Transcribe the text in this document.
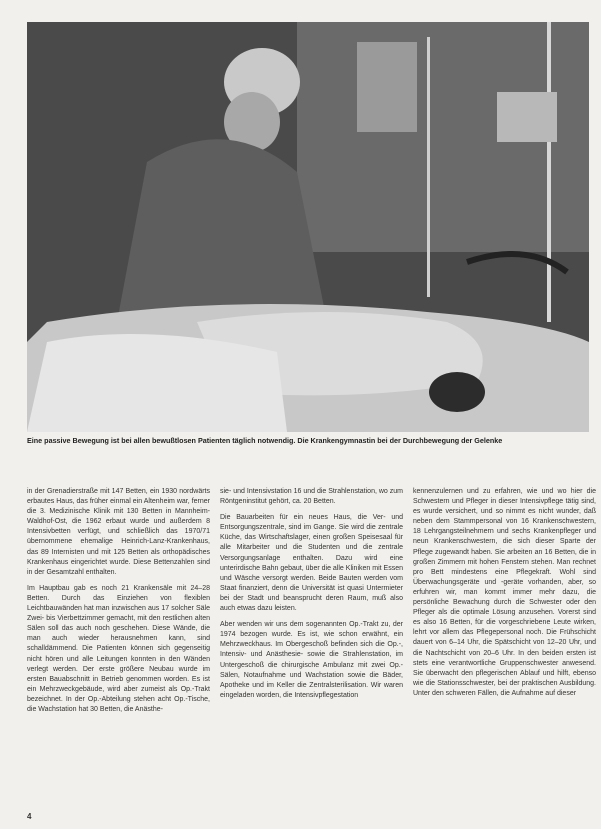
Eine passive Bewegung ist bei allen bewußtlosen Patienten täglich notwendig. Die Krankengymnastin bei der Durchbewegung der Gelenke

in der Grenadierstraße mit 147 Betten, ein 1930 nordwärts erbautes Haus, das früher einmal ein Altenheim war, ferner die 3. Medizinische Klinik mit 130 Betten in Mannheim-Waldhof-Ost, die 1962 erbaut wurde und außerdem 8 Intensivbetten verfügt, und schließlich das 1970/71 übernommene ehemalige Heinrich-Lanz-Krankenhaus, das 89 Internisten und mit 125 Betten als orthopädisches Krankenhaus eingerichtet wurde. Diese Bettenzahlen sind in der Gesamtzahl enthalten.

Im Hauptbau gab es noch 21 Krankensäle mit 24–28 Betten. Durch das Einziehen von flexiblen Leichtbauwänden hat man inzwischen aus 17 solcher Säle Zwei- bis Vierbettzimmer gemacht, mit den restlichen alten Sälen soll das auch noch geschehen. Diese Wände, die man auch wieder herausnehmen kann, sind schalldämmend. Die Patienten können sich gegenseitig nicht hören und alle Leitungen konnten in den Wänden verlegt werden. Der erste größere Neubau wurde im ersten Bauabschnitt in Betrieb genommen worden. Es ist ein Mehrzweckgebäude, wird aber zumeist als Op.-Trakt bezeichnet. In der Op.-Abteilung stehen acht Op.-Tische, die Wachstation hat 30 Betten, die Anästhe-

sie- und Intensivstation 16 und die Strahlenstation, wo zum Röntgeninstitut gehört, ca. 20 Betten.

Die Bauarbeiten für ein neues Haus, die Ver- und Entsorgungszentrale, sind im Gange. Sie wird die zentrale Küche, das Wirtschaftslager, einen großen Speisesaal für alle Mitarbeiter und die Studenten und die zentrale Versorgungsanlage enthalten. Dazu wird eine unterirdische Bahn gebaut, über die alle Kliniken mit Essen und Wäsche versorgt werden. Beide Bauten werden vom Staat finanziert, denn die Universität ist quasi Untermieter bei der Stadt und beansprucht deren Raum, muß also auch etwas dazu leisten.

Aber wenden wir uns dem sogenannten Op.-Trakt zu, der 1974 bezogen wurde. Es ist, wie schon erwähnt, ein Mehrzweckhaus. Im Obergeschoß befinden sich die Op.-, Intensiv- und Anästhesie- sowie die Strahlenstation, im Untergeschoß die chirurgische Ambulanz mit zwei Op.-Sälen, Notaufnahme und Wachstation sowie die Bäder, Apotheke und im Keller die Zentralsterilisation. Wir waren eingeladen worden, die Intensivpflegestation

kennenzulernen und zu erfahren, wie und wo hier die Schwestern und Pfleger in dieser Intensivpflege tätig sind, es wurde versichert, und so nimmt es nicht wunder, daß neben dem Stammpersonal von 16 Krankenschwestern, 18 Lehrgangsteilnehmern und sechs Krankenpfleger und neun Krankenschwestern, die sich dieser Sparte der Pflege zugewandt haben. Sie arbeiten an 16 Betten, die in großen Zimmern mit hohen Fenstern stehen. Man rechnet pro Bett mindestens eine Pflegekraft. Wohl sind Überwachungsgeräte und -geräte vorhanden, aber, so erfuhren wir, man kommt immer mehr dazu, die persönliche Bewachung durch die Schwester oder den Pfleger als die optimale Lösung anzusehen. Vorerst sind es also 16 Betten, für die vorgeschriebene Leute wirken, lehrt vor allem das Pflegepersonal noch. Die Frühschicht dauert von 6–14 Uhr, die Spätschicht von 12–20 Uhr, und die Nachtschicht von 20–6 Uhr. In den beiden ersten ist stets eine verantwortliche Gruppenschwester anwesend. Sie überwacht den pflegerischen Ablauf und hilft, ebenso wie die Stationsschwester, bei der praktischen Ausbildung. Unter den schweren Fällen, die Aufnahme auf dieser

4
